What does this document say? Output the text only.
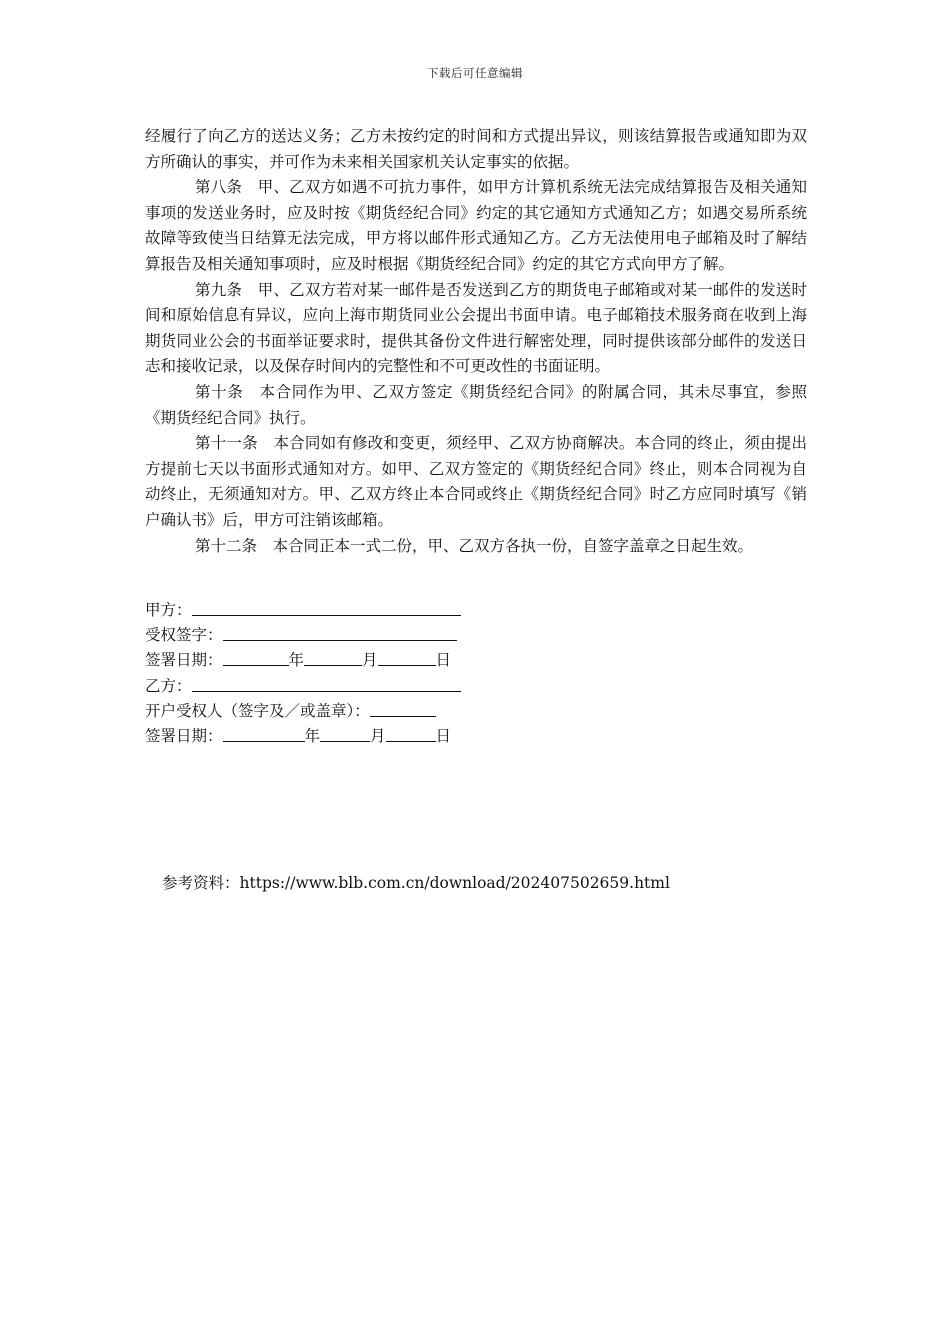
下载后可任意编辑

经履行了向乙方的送达义务；乙方未按约定的时间和方式提出异议，则该结算报告或通知即为双方所确认的事实，并可作为未来相关国家机关认定事实的依据。

第八条　甲、乙双方如遇不可抗力事件，如甲方计算机系统无法完成结算报告及相关通知事项的发送业务时，应及时按《期货经纪合同》约定的其它通知方式通知乙方；如遇交易所系统故障等致使当日结算无法完成，甲方将以邮件形式通知乙方。乙方无法使用电子邮箱及时了解结算报告及相关通知事项时，应及时根据《期货经纪合同》约定的其它方式向甲方了解。

第九条　甲、乙双方若对某一邮件是否发送到乙方的期货电子邮箱或对某一邮件的发送时间和原始信息有异议，应向上海市期货同业公会提出书面申请。电子邮箱技术服务商在收到上海期货同业公会的书面举证要求时，提供其备份文件进行解密处理，同时提供该部分邮件的发送日志和接收记录，以及保存时间内的完整性和不可更改性的书面证明。

第十条　本合同作为甲、乙双方签定《期货经纪合同》的附属合同，其未尽事宜，参照《期货经纪合同》执行。

第十一条　本合同如有修改和变更，须经甲、乙双方协商解决。本合同的终止，须由提出方提前七天以书面形式通知对方。如甲、乙双方签定的《期货经纪合同》终止，则本合同视为自动终止，无须通知对方。甲、乙双方终止本合同或终止《期货经纪合同》时乙方应同时填写《销户确认书》后，甲方可注销该邮箱。

第十二条　本合同正本一式二份，甲、乙双方各执一份，自签字盖章之日起生效。

甲方：
受权签字：
签署日期：	年	月	日
乙方：
开户受权人（签字及／或盖章）：
签署日期：	年	月	日
参考资料：https://www.blb.com.cn/download/202407502659.html
